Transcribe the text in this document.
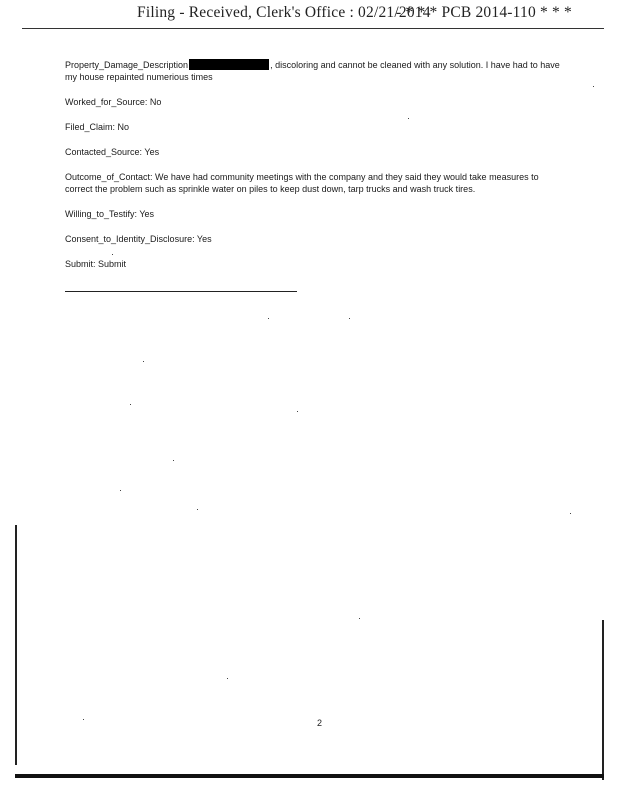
Filing - Received, Clerk's Office : 02/21/2014
- * * * PCB 2014-110 * * *
Property_Damage_Description	, discoloring and cannot be cleaned with any solution. I have had to have my house repainted numerious times
Worked_for_Source: No
Filed_Claim: No
Contacted_Source: Yes
Outcome_of_Contact: We have had community meetings with the company and they said they would take measures to correct the problem such as sprinkle water on piles to keep dust down, tarp trucks and wash truck tires.
Willing_to_Testify: Yes
Consent_to_Identity_Disclosure: Yes
Submit: Submit
2
